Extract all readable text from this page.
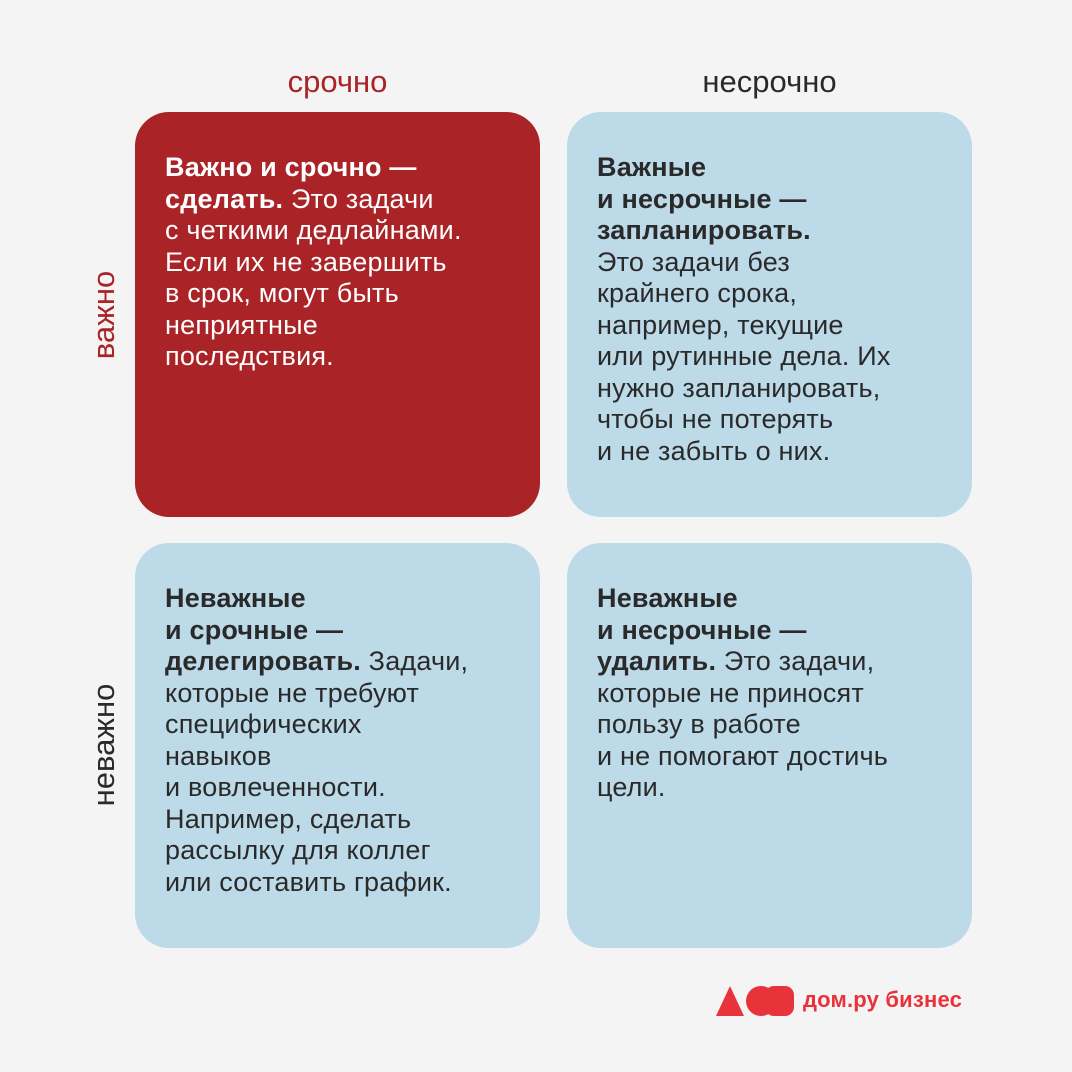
срочно	несрочно
важно
неважно
Важно и срочно —
сделать. Это задачи
с четкими дедлайнами.
Если их не завершить
в срок, могут быть
неприятные
последствия.
Важные
и несрочные —
запланировать.
Это задачи без
крайнего срока,
например, текущие
или рутинные дела. Их
нужно запланировать,
чтобы не потерять
и не забыть о них.
Неважные
и срочные —
делегировать. Задачи,
которые не требуют
специфических
навыков
и вовлеченности.
Например, сделать
рассылку для коллег
или составить график.
Неважные
и несрочные —
удалить. Это задачи,
которые не приносят
пользу в работе
и не помогают достичь
цели.
дом.ру бизнес
